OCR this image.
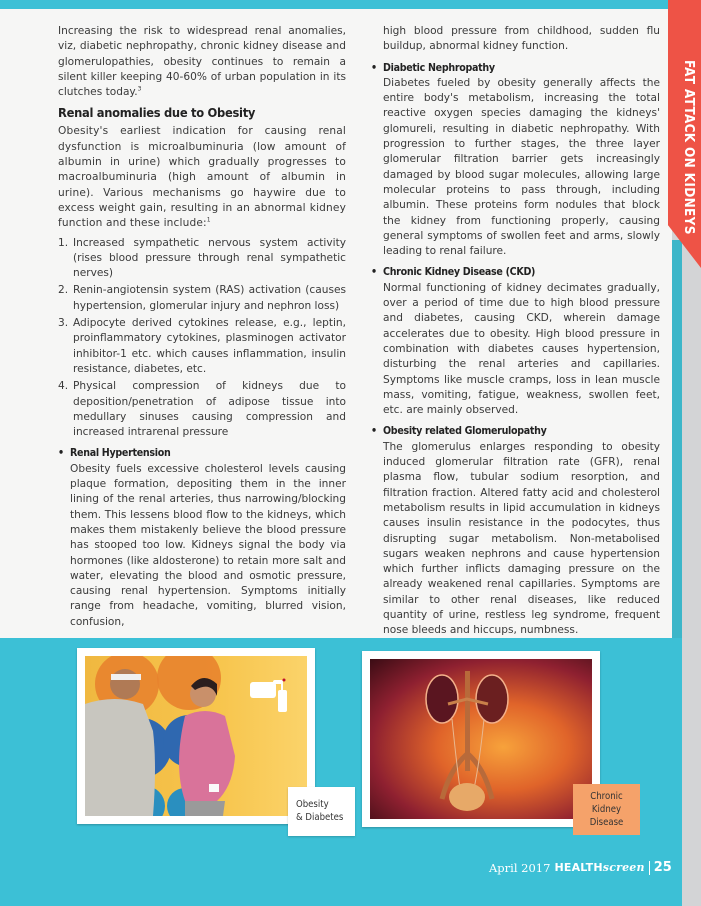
FAT ATTACK ON KIDNEYS

Increasing the risk to widespread renal anomalies, viz, diabetic nephropathy, chronic kidney disease and glomerulopathies, obesity continues to remain a silent killer keeping 40-60% of urban population in its clutches today.$^3$

Renal anomalies due to Obesity

Obesity's earliest indication for causing renal dysfunction is microalbuminuria (low amount of albumin in urine) which gradually progresses to macroalbuminuria (high amount of albumin in urine). Various mechanisms go haywire due to excess weight gain, resulting in an abnormal kidney function and these include:$^1$

1. Increased sympathetic nervous system activity (rises blood pressure through renal sympathetic nerves)
2. Renin-angiotensin system (RAS) activation (causes hypertension, glomerular injury and nephron loss)
3. Adipocyte derived cytokines release, e.g., leptin, proinflammatory cytokines, plasminogen activator inhibitor-1 etc. which causes inflammation, insulin resistance, diabetes, etc.
4. Physical compression of kidneys due to deposition/penetration of adipose tissue into medullary sinuses causing compression and increased intrarenal pressure
• Renal Hypertension

Obesity fuels excessive cholesterol levels causing plaque formation, depositing them in the inner lining of the renal arteries, thus narrowing/blocking them. This lessens blood flow to the kidneys, which makes them mistakenly believe the blood pressure has stooped too low. Kidneys signal the body via hormones (like aldosterone) to retain more salt and water, elevating the blood and osmotic pressure, causing renal hypertension. Symptoms initially range from headache, vomiting, blurred vision, confusion,

high blood pressure from childhood, sudden flu buildup, abnormal kidney function.

• Diabetic Nephropathy

Diabetes fueled by obesity generally affects the entire body's metabolism, increasing the total reactive oxygen species damaging the kidneys' glomureli, resulting in diabetic nephropathy. With progression to further stages, the three layer glomerular filtration barrier gets increasingly damaged by blood sugar molecules, allowing large molecular proteins to pass through, including albumin. These proteins form nodules that block the kidney from functioning properly, causing general symptoms of swollen feet and arms, slowly leading to renal failure.

• Chronic Kidney Disease (CKD)

Normal functioning of kidney decimates gradually, over a period of time due to high blood pressure and diabetes, causing CKD, wherein damage accelerates due to obesity. High blood pressure in combination with diabetes causes hypertension, disturbing the renal arteries and capillaries. Symptoms like muscle cramps, loss in lean muscle mass, vomiting, fatigue, weakness, swollen feet, etc. are mainly observed.

• Obesity related Glomerulopathy

The glomerulus enlarges responding to obesity induced glomerular filtration rate (GFR), renal plasma flow, tubular sodium resorption, and filtration fraction. Altered fatty acid and cholesterol metabolism results in lipid accumulation in kidneys causes insulin resistance in the podocytes, thus disrupting sugar metabolism. Non-metabolised sugars weaken nephrons and cause hypertension which further inflicts damaging pressure on the already weakened renal capillaries. Symptoms are similar to other renal diseases, like reduced quantity of urine, restless leg syndrome, frequent nose bleeds and hiccups, numbness.

Obesity
& Diabetes
Chronic
Kidney
Disease
April 2017 HEALTHscreen 25
